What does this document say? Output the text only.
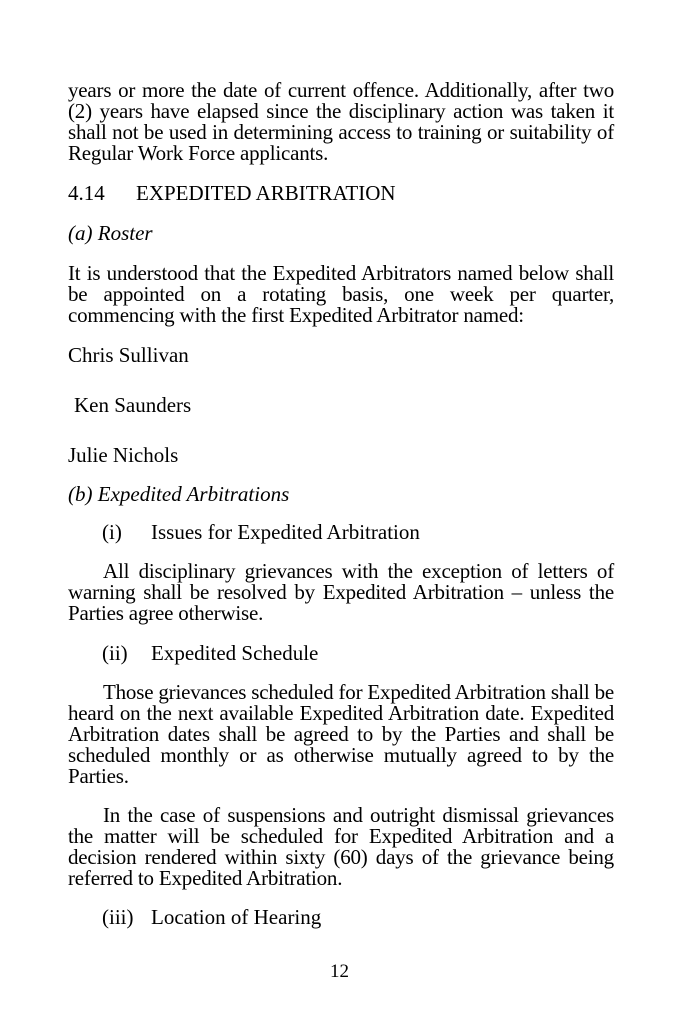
years or more the date of current offence. Additionally, after two (2) years have elapsed since the disciplinary action was taken it shall not be used in determining access to training or suitability of Regular Work Force applicants.

4.14 EXPEDITED ARBITRATION

(a) Roster

It is understood that the Expedited Arbitrators named below shall be appointed on a rotating basis, one week per quarter, commencing with the first Expedited Arbitrator named:

Chris Sullivan

Ken Saunders

Julie Nichols

(b) Expedited Arbitrations

(i) Issues for Expedited Arbitration

All disciplinary grievances with the exception of letters of warning shall be resolved by Expedited Arbitration – unless the Parties agree otherwise.

(ii) Expedited Schedule

Those grievances scheduled for Expedited Arbitration shall be heard on the next available Expedited Arbitration date. Expedited Arbitration dates shall be agreed to by the Parties and shall be scheduled monthly or as otherwise mutually agreed to by the Parties.

In the case of suspensions and outright dismissal grievances the matter will be scheduled for Expedited Arbitration and a decision rendered within sixty (60) days of the grievance being referred to Expedited Arbitration.

(iii) Location of Hearing

12
